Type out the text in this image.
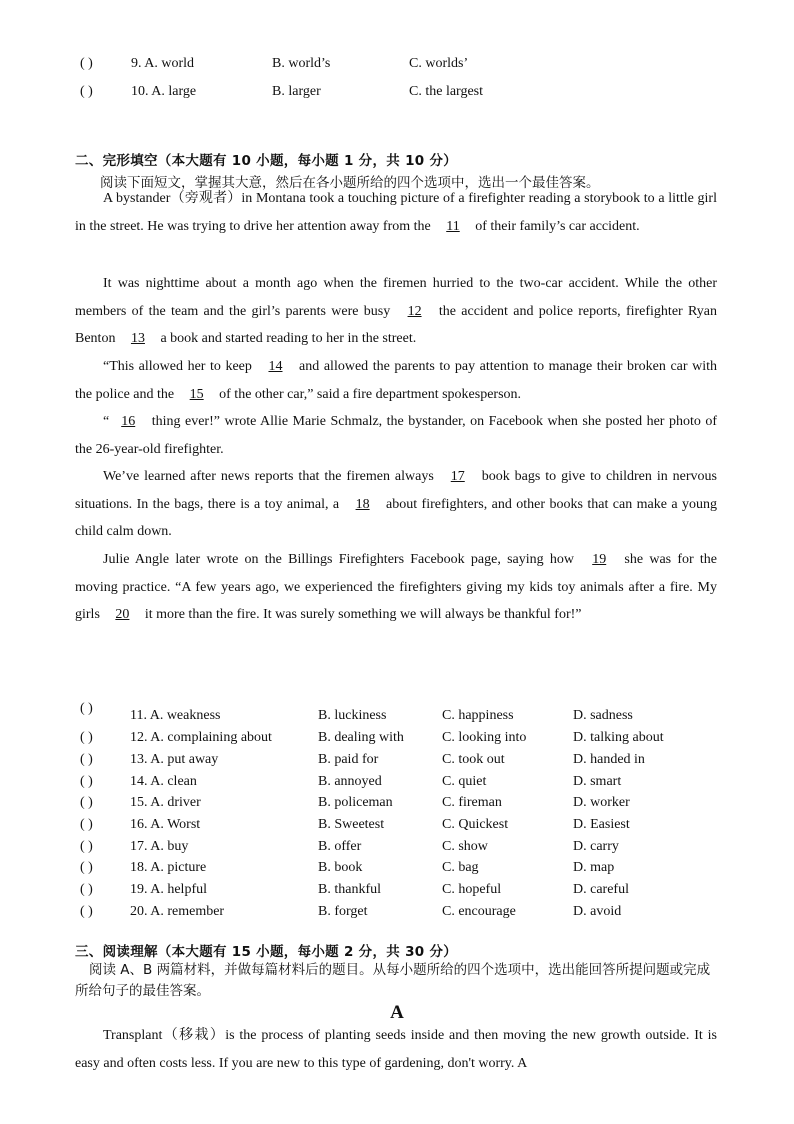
( )	9. A. world	B. world’s	C. worlds’
( )	10. A. large	B. larger	C. the largest
二、完形填空（本大题有 10 小题，每小题 1 分，共 10 分）
阅读下面短文，掌握其大意，然后在各小题所给的四个选项中，选出一个最佳答案。
A bystander（旁观者）in Montana took a touching picture of a firefighter reading a storybook to a little girl in the street. He was trying to drive her attention away from the 11 of their family’s car accident.
It was nighttime about a month ago when the firemen hurried to the two-car accident. While the other members of the team and the girl’s parents were busy 12 the accident and police reports, firefighter Ryan Benton 13 a book and started reading to her in the street.
“This allowed her to keep 14 and allowed the parents to pay attention to manage their broken car with the police and the 15 of the other car,” said a fire department spokesperson.
“ 16 thing ever!” wrote Allie Marie Schmalz, the bystander, on Facebook when she posted her photo of the 26-year-old firefighter.
We’ve learned after news reports that the firemen always 17 book bags to give to children in nervous situations. In the bags, there is a toy animal, a 18 about firefighters, and other books that can make a young child calm down.
Julie Angle later wrote on the Billings Firefighters Facebook page, saying how 19 she was for the moving practice. “A few years ago, we experienced the firefighters giving my kids toy animals after a fire. My girls 20 it more than the fire. It was surely something we will always be thankful for!”
( )	11. A. weakness	B. luckiness	C. happiness	D. sadness
( )	12. A. complaining about	B. dealing with	C. looking into	D. talking about
( )	13. A. put away	B. paid for	C. took out	D. handed in
( )	14. A. clean	B. annoyed	C. quiet	D. smart
( )	15. A. driver	B. policeman	C. fireman	D. worker
( )	16. A. Worst	B. Sweetest	C. Quickest	D. Easiest
( )	17. A. buy	B. offer	C. show	D. carry
( )	18. A. picture	B. book	C. bag	D. map
( )	19. A. helpful	B. thankful	C. hopeful	D. careful
( )	20. A. remember	B. forget	C. encourage	D. avoid
三、阅读理解（本大题有 15 小题，每小题 2 分，共 30 分）
阅读 A、B 两篇材料，并做每篇材料后的题目。从每小题所给的四个选项中，选出能回答所提问题或完成所给句子的最佳答案。
A
Transplant（移栽）is the process of planting seeds inside and then moving the new growth outside. It is easy and often costs less. If you are new to this type of gardening, don't worry. A
